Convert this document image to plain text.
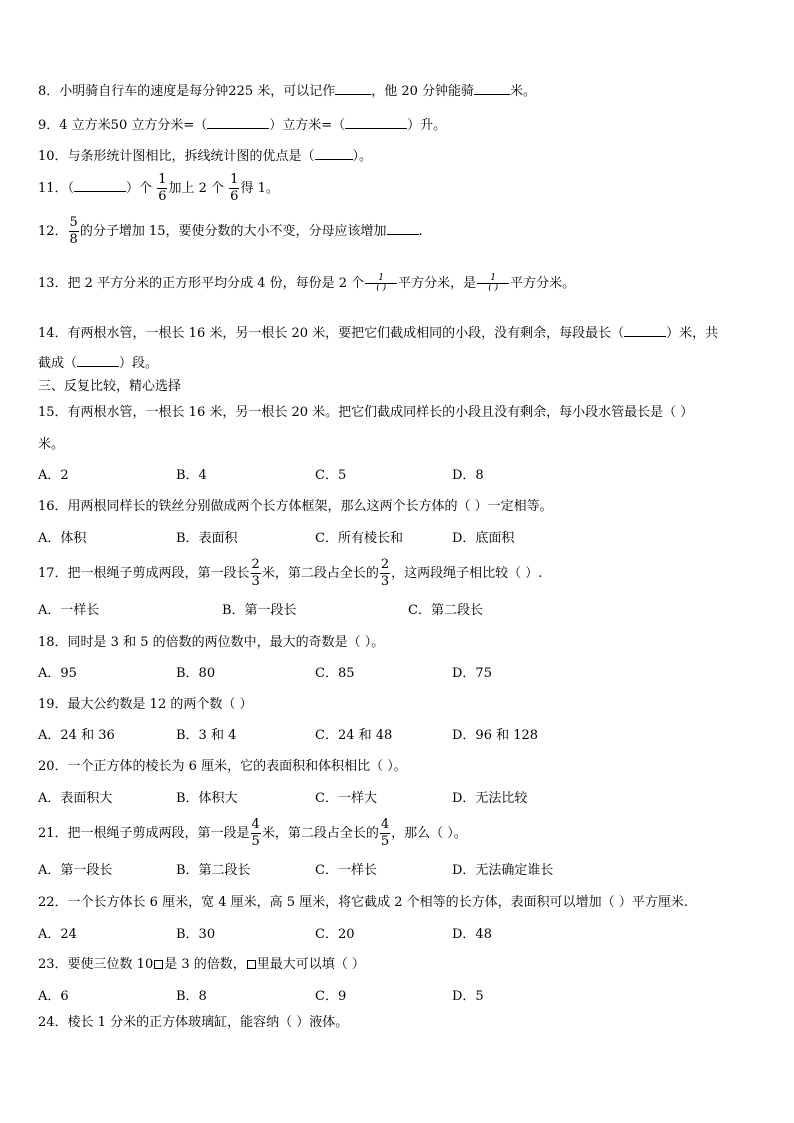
8．小明骑自行车的速度是每分钟225 米，可以记作	，他 20 分钟能骑	米。
9．4 立方米50 立方分米=（	）立方米=（	）升。
10．与条形统计图相比，拆线统计图的优点是（	）。
11．（	）个 $\frac{1}{6}$ 加上 2 个 $\frac{1}{6}$ 得 1。
12． $\frac{5}{8}$ 的分子增加 15，要使分数的大小不变，分母应该增加 .
13．把 2 平方分米的正方形平均分成 4 份，每份是 2 个 $\frac{1}{( )}$ 平方分米，是 $\frac{1}{( )}$ 平方分米。
14．有两根水管，一根长 16 米，另一根长 20 米，要把它们截成相同的小段，没有剩余，每段最长（	）米，共
截成（	）段。
三、反复比较，精心选择
15．有两根水管，一根长 16 米，另一根长 20 米。把它们截成同样长的小段且没有剩余，每小段水管最长是（ ）
米。
A．2	B．4	C．5	D．8
16．用两根同样长的铁丝分别做成两个长方体框架，那么这两个长方体的（ ）一定相等。
A．体积	B．表面积	C．所有棱长和	D．底面积
17．把一根绳子剪成两段，第一段长 $\frac{2}{3}$ 米，第二段占全长的 $\frac{2}{3}$ ，这两段绳子相比较（ ）.
A．一样长	B．第一段长	C．第二段长
18．同时是 3 和 5 的倍数的两位数中，最大的奇数是（ ）。
A．95	B．80	C．85	D．75
19．最大公约数是 12 的两个数（ ）
A．24 和 36	B．3 和 4	C．24 和 48	D．96 和 128
20．一个正方体的棱长为 6 厘米，它的表面积和体积相比（ ）。
A．表面积大	B．体积大	C．一样大	D．无法比较
21．把一根绳子剪成两段，第一段是 $\frac{4}{5}$ 米，第二段占全长的 $\frac{4}{5}$ ，那么（ ）。
A．第一段长	B．第二段长	C．一样长	D．无法确定谁长
22．一个长方体长 6 厘米，宽 4 厘米，高 5 厘米，将它截成 2 个相等的长方体，表面积可以增加（ ）平方厘米.
A．24	B．30	C．20	D．48
23．要使三位数 10 是 3 的倍数， 里最大可以填（ ）
A．6	B．8	C．9	D．5
24．棱长 1 分米的正方体玻璃缸，能容纳（ ）液体。
